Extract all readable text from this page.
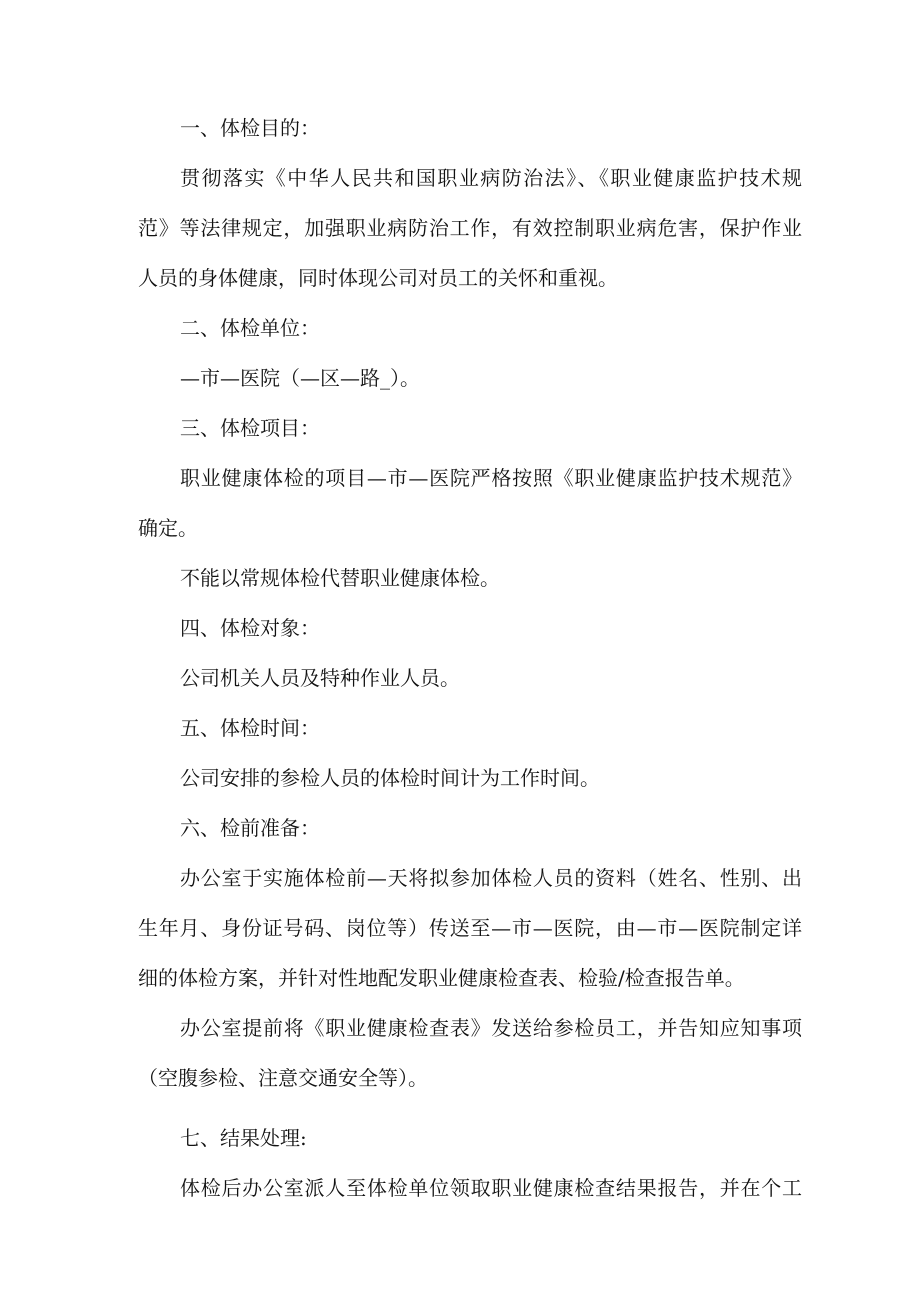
一、体检目的：
贯彻落实《中华人民共和国职业病防治法》、《职业健康监护技术规
范》等法律规定，加强职业病防治工作，有效控制职业病危害，保护作业
人员的身体健康，同时体现公司对员工的关怀和重视。
二、体检单位：
—市—医院（—区—路_）。
三、体检项目：
职业健康体检的项目—市—医院严格按照《职业健康监护技术规范》
确定。
不能以常规体检代替职业健康体检。
四、体检对象：
公司机关人员及特种作业人员。
五、体检时间：
公司安排的参检人员的体检时间计为工作时间。
六、检前准备：
办公室于实施体检前—天将拟参加体检人员的资料（姓名、性别、出
生年月、身份证号码、岗位等）传送至—市—医院，由—市—医院制定详
细的体检方案，并针对性地配发职业健康检查表、检验/检查报告单。
办公室提前将《职业健康检查表》发送给参检员工，并告知应知事项
（空腹参检、注意交通安全等）。
七、结果处理:
体检后办公室派人至体检单位领取职业健康检查结果报告，并在个工
